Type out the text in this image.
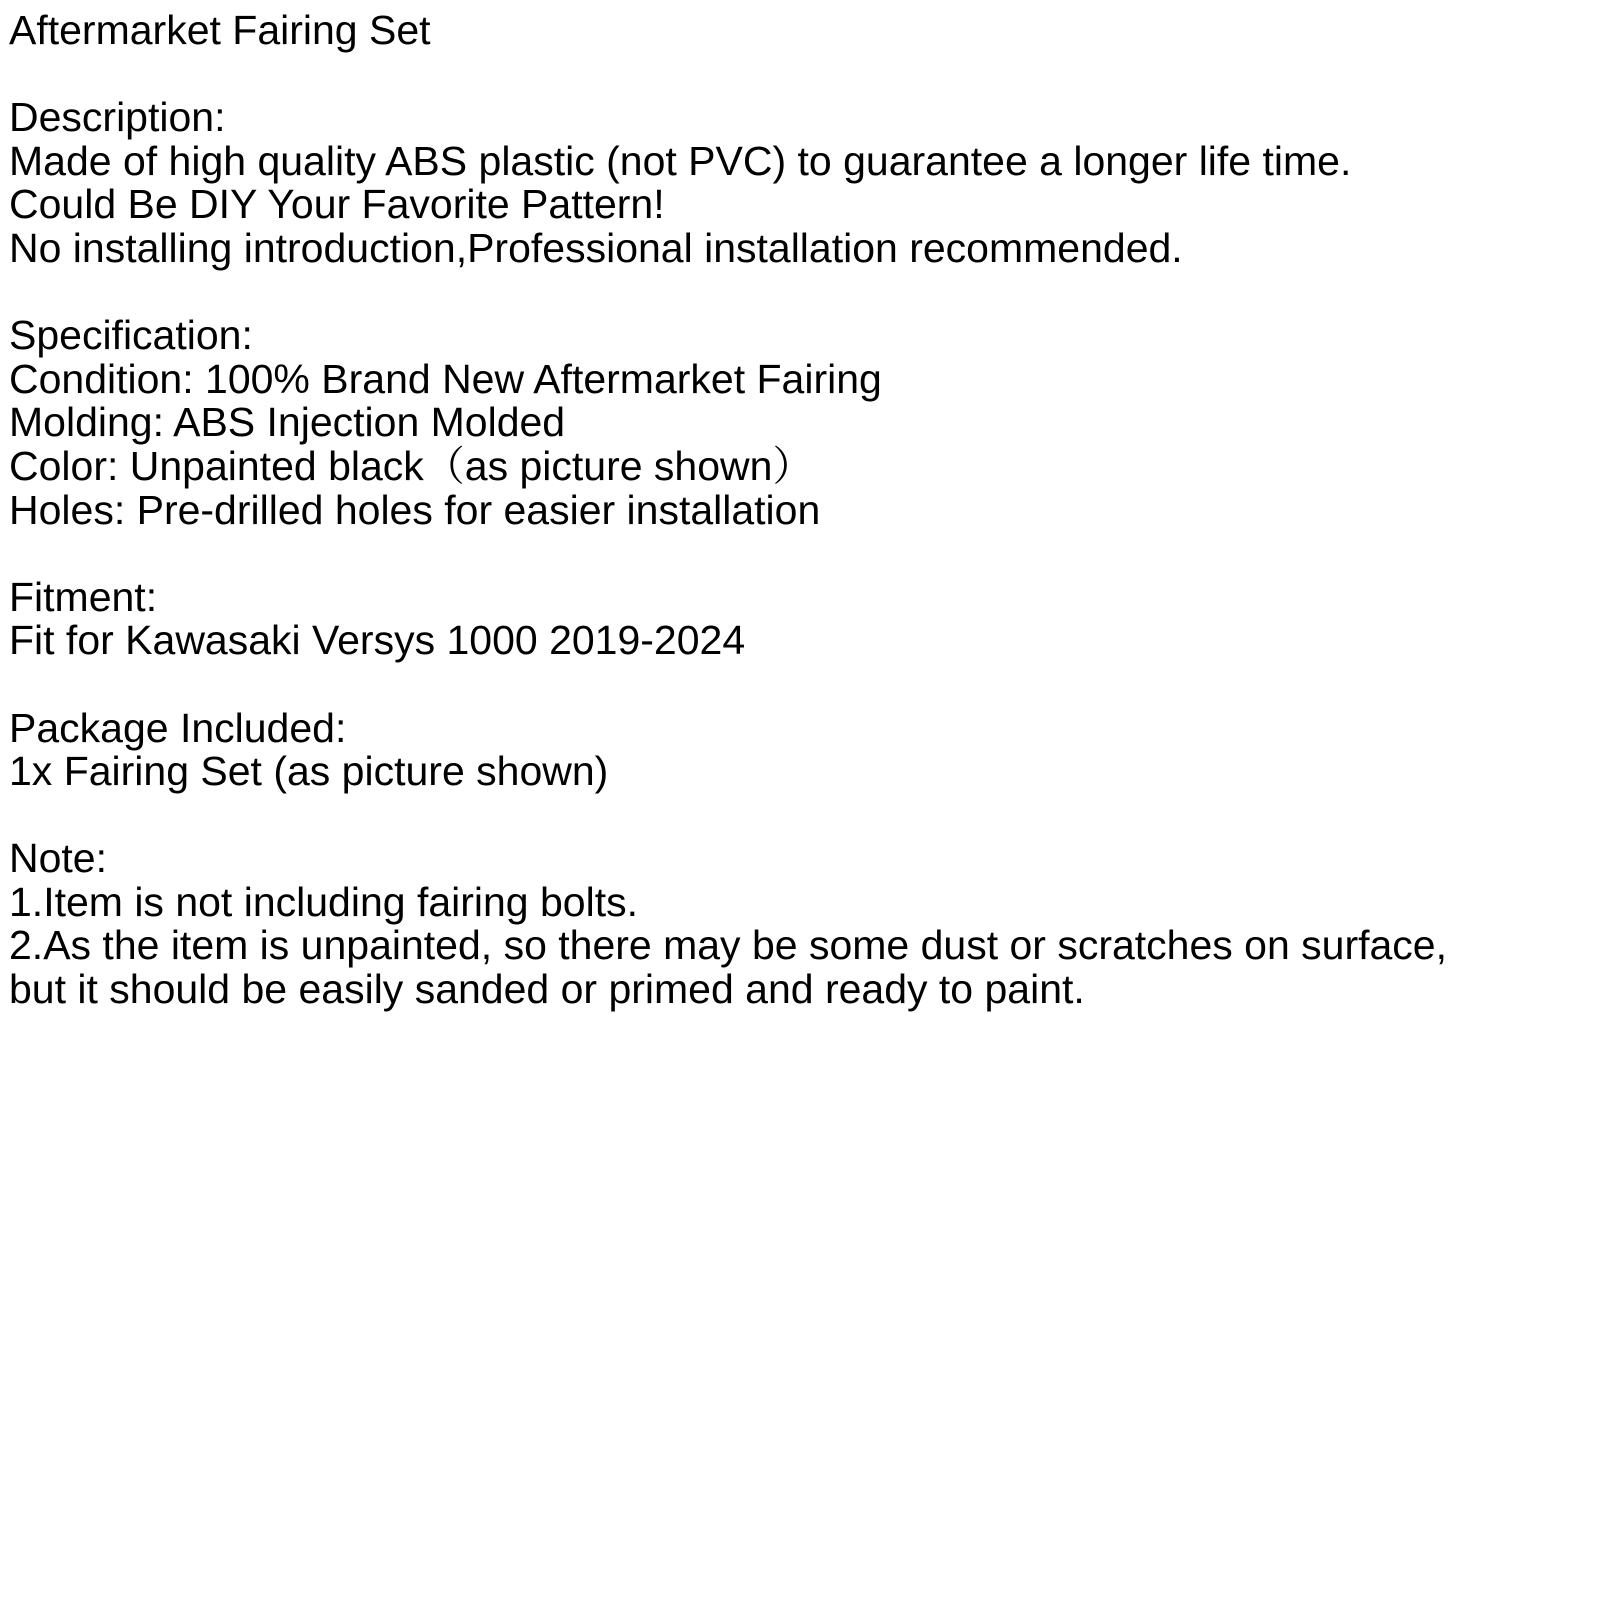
Aftermarket Fairing Set
Description:
Made of high quality ABS plastic (not PVC) to guarantee a longer life time.
Could Be DIY Your Favorite Pattern!
No installing introduction,Professional installation recommended.
Specification:
Condition: 100% Brand New Aftermarket Fairing
Molding: ABS Injection Molded
Color: Unpainted black（as picture shown）
Holes: Pre-drilled holes for easier installation
Fitment:
Fit for Kawasaki Versys 1000 2019-2024
Package Included:
1x Fairing Set (as picture shown)
Note:
1.Item is not including fairing bolts.
2.As the item is unpainted, so there may be some dust or scratches on surface,
but it should be easily sanded or primed and ready to paint.
